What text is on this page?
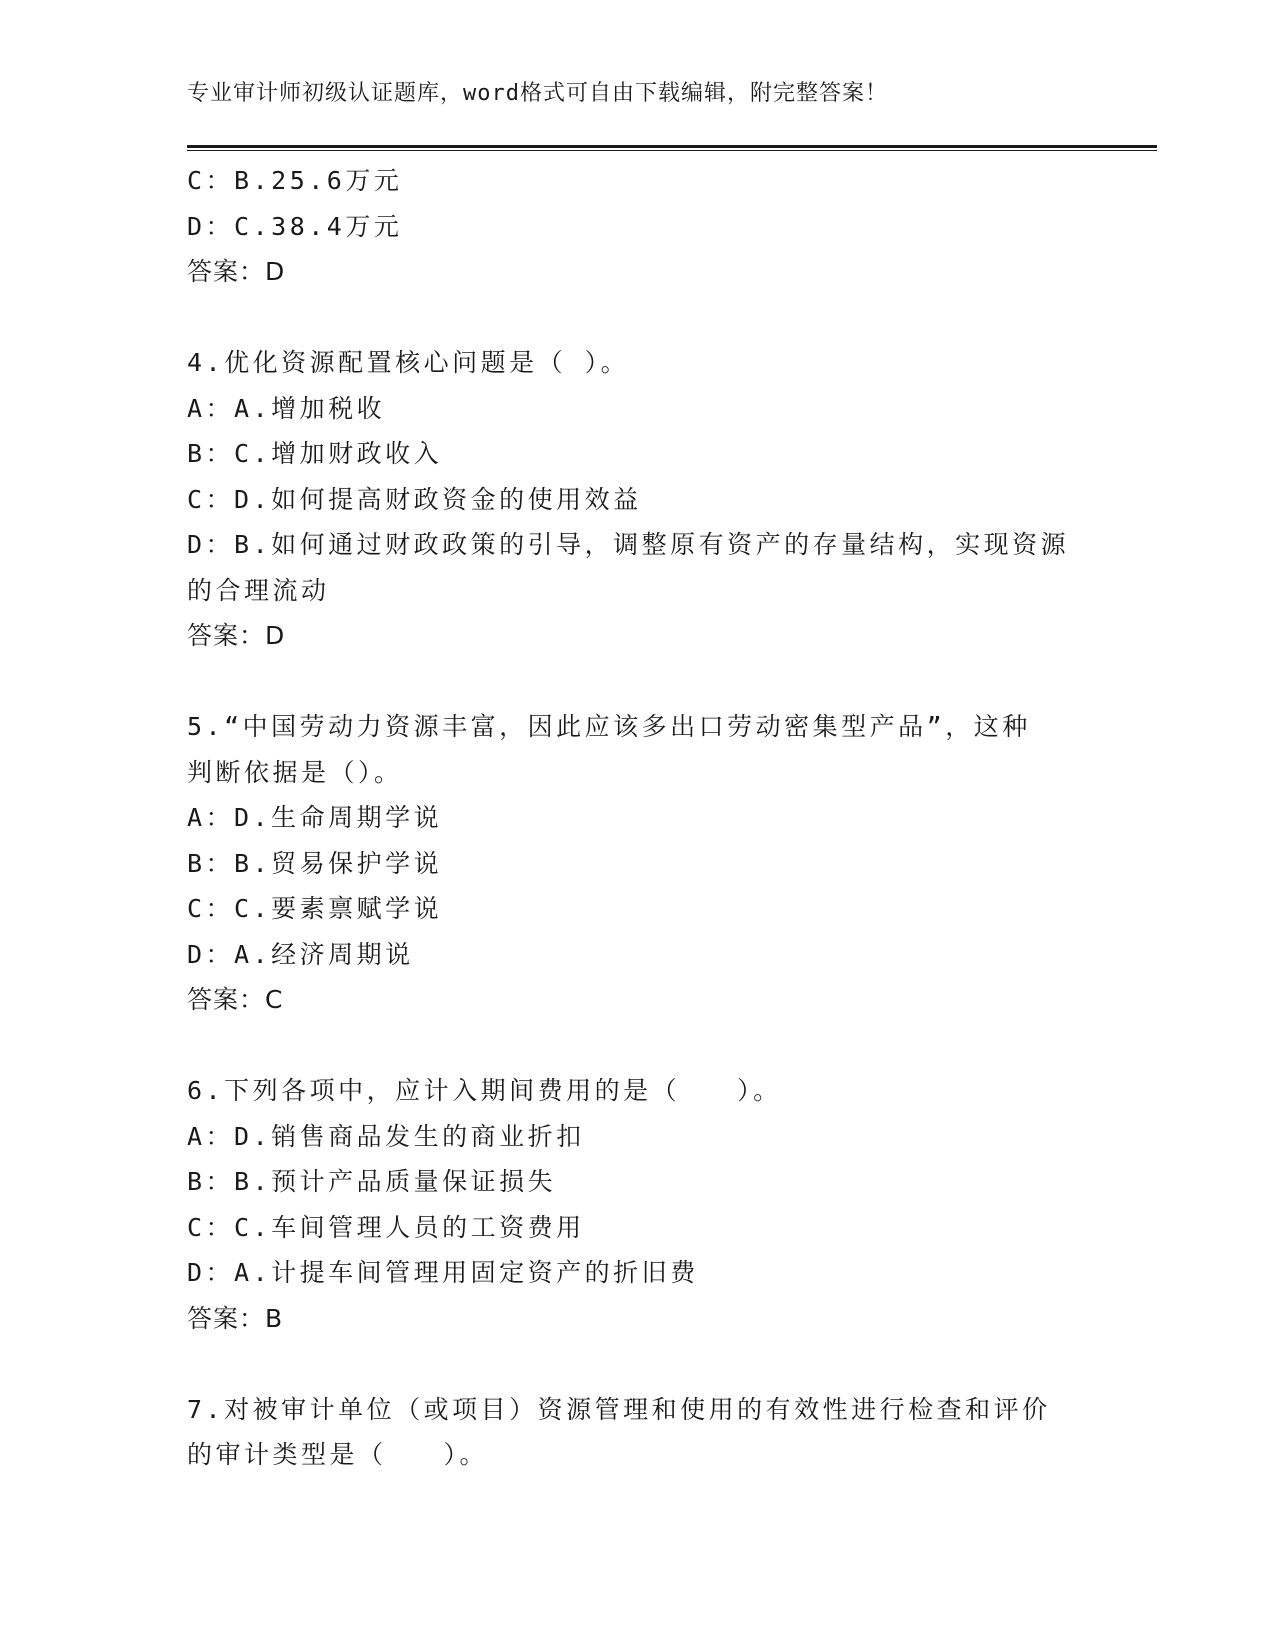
专业审计师初级认证题库，word格式可自由下载编辑，附完整答案！
C：B.25.6万元
D：C.38.4万元
答案：D
4.优化资源配置核心问题是（ ）。
A：A.增加税收
B：C.增加财政收入
C：D.如何提高财政资金的使用效益
D：B.如何通过财政政策的引导，调整原有资产的存量结构，实现资源
的合理流动
答案：D
5.“中国劳动力资源丰富，因此应该多出口劳动密集型产品”，这种
判断依据是（）。
A：D.生命周期学说
B：B.贸易保护学说
C：C.要素禀赋学说
D：A.经济周期说
答案：C
6.下列各项中，应计入期间费用的是（　　）。
A：D.销售商品发生的商业折扣
B：B.预计产品质量保证损失
C：C.车间管理人员的工资费用
D：A.计提车间管理用固定资产的折旧费
答案：B
7.对被审计单位（或项目）资源管理和使用的有效性进行检查和评价
的审计类型是（　　）。
